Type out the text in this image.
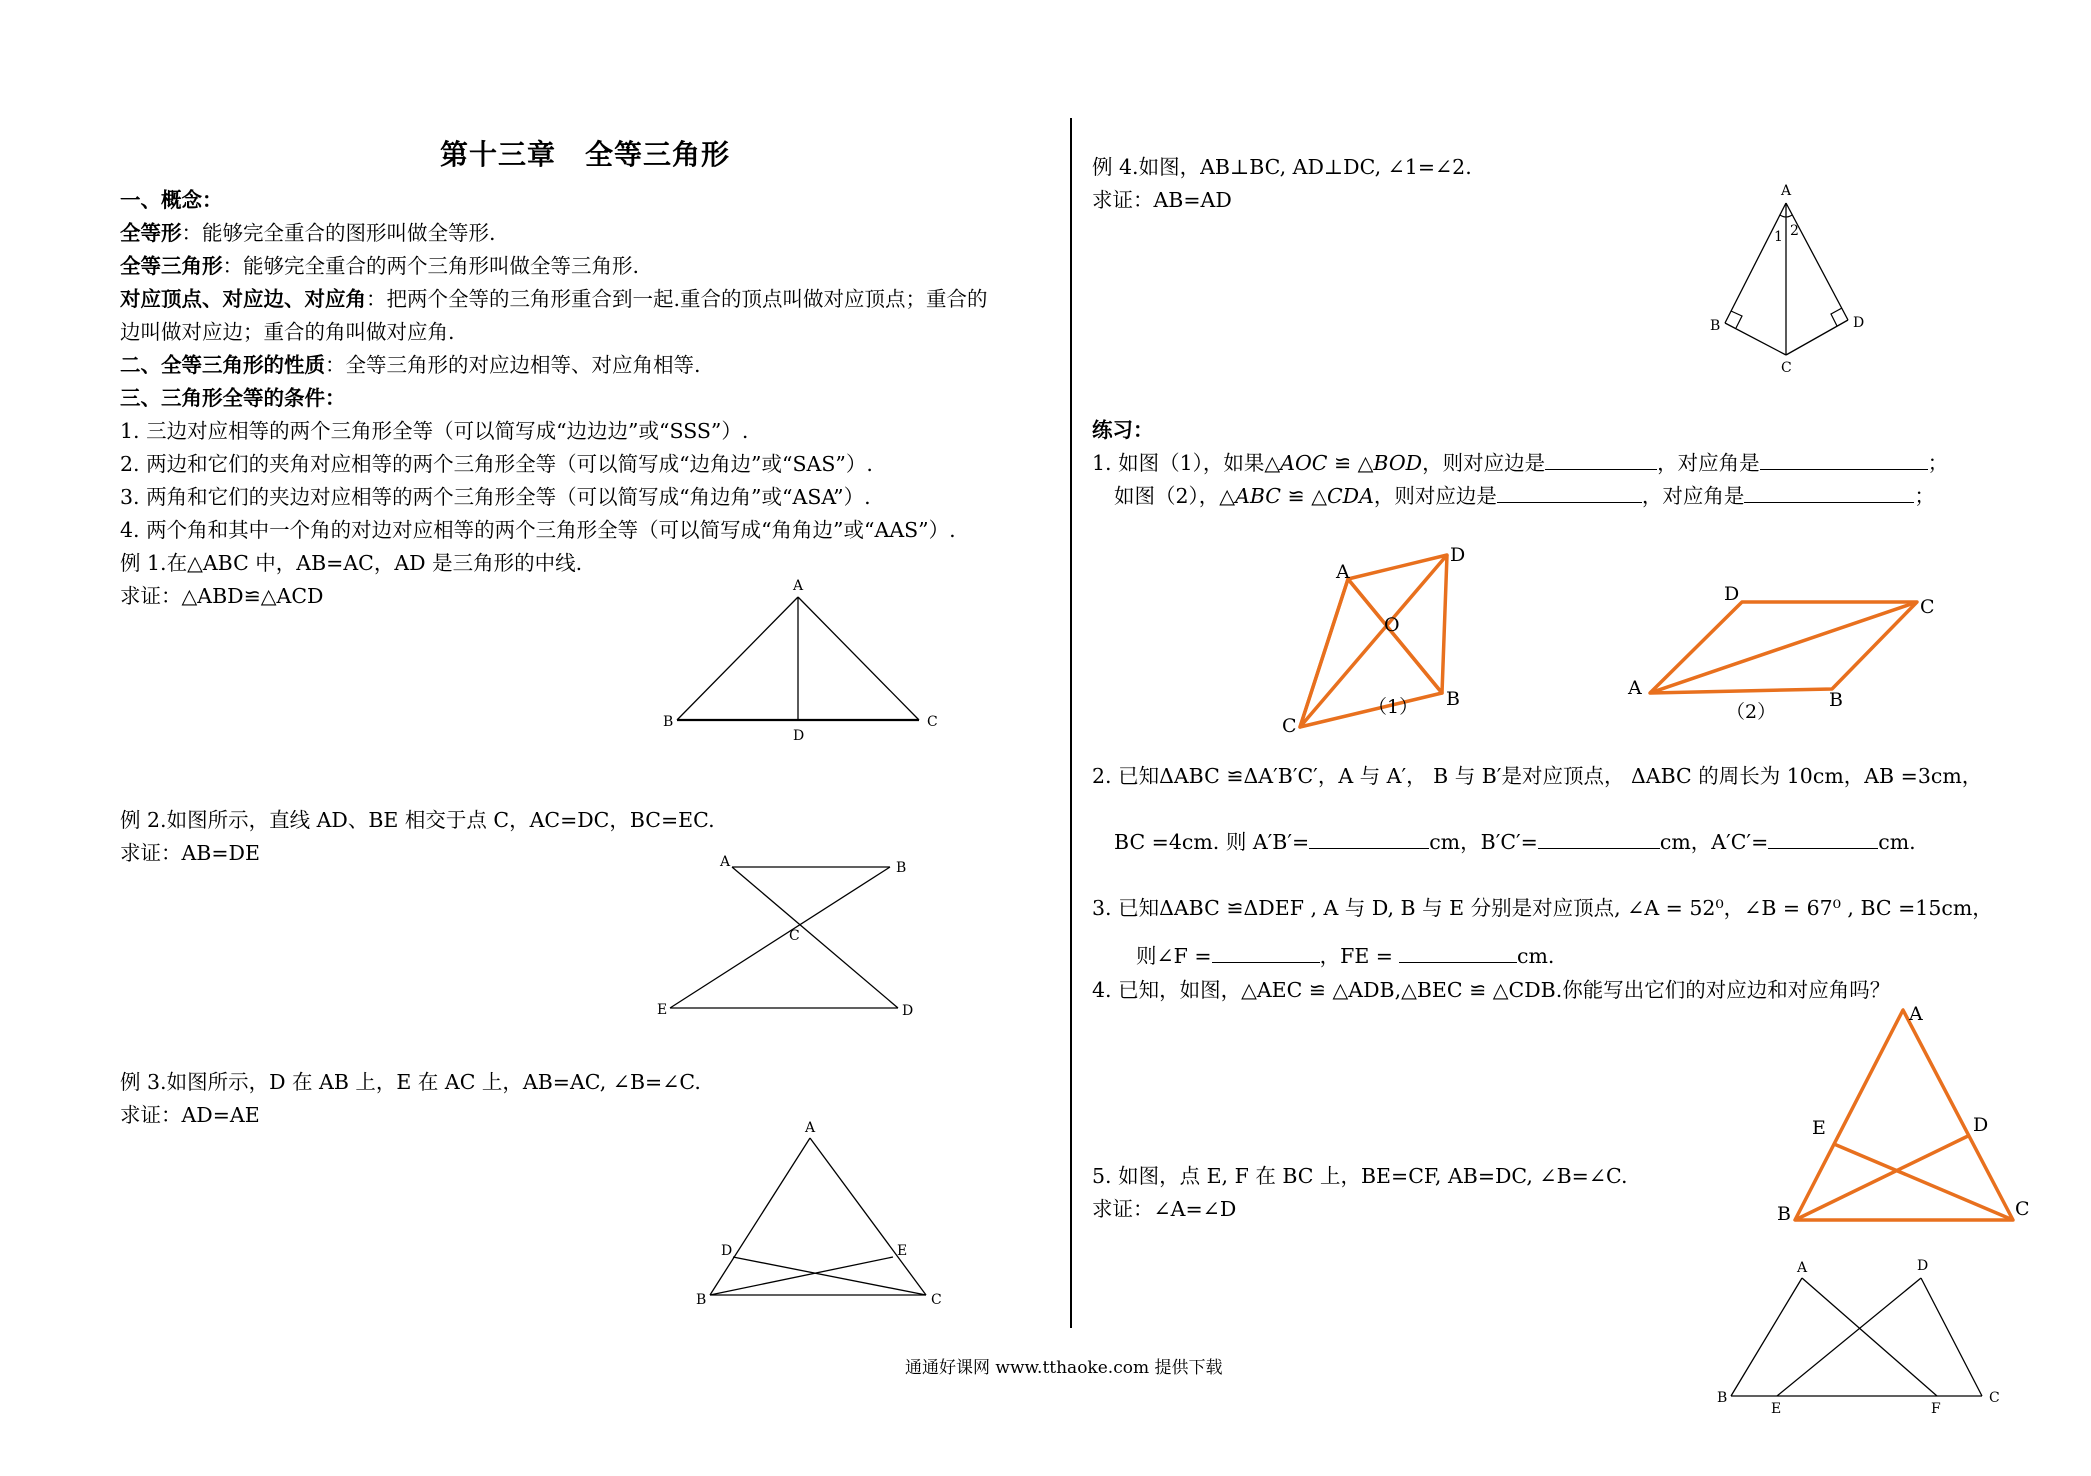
第十三章　全等三角形
一、概念：
全等形：能够完全重合的图形叫做全等形.
全等三角形：能够完全重合的两个三角形叫做全等三角形.
对应顶点、对应边、对应角：把两个全等的三角形重合到一起.重合的顶点叫做对应顶点；重合的
边叫做对应边；重合的角叫做对应角.
二、全等三角形的性质：全等三角形的对应边相等、对应角相等.
三、三角形全等的条件：
1. 三边对应相等的两个三角形全等（可以简写成“边边边”或“SSS”）.
2. 两边和它们的夹角对应相等的两个三角形全等（可以简写成“边角边”或“SAS”）.
3. 两角和它们的夹边对应相等的两个三角形全等（可以简写成“角边角”或“ASA”）.
4. 两个角和其中一个角的对边对应相等的两个三角形全等（可以简写成“角角边”或“AAS”）.
例 1.在△ABC 中，AB=AC，AD 是三角形的中线.
求证：△ABD≌△ACD	A
B	C
D
例 2.如图所示，直线 AD、BE 相交于点 C，AC=DC，BC=EC.
求证：AB=DE	A	B
C
E	D
例 3.如图所示，D 在 AB 上，E 在 AC 上，AB=AC, ∠B=∠C.
求证：AD=AE
A
D	E
B	C
例 4.如图，AB⊥BC, AD⊥DC, ∠1=∠2.
求证：AB=AD	A
1 2
B	D
C
练习：
1. 如图（1），如果△AOC ≌ △BOD，则对应边是	，对应角是	；
如图（2），△ABC ≌ △CDA，则对应边是	，对应角是	；
A
D
O
B
C
（1）
D
C
A
B
（2）
2. 已知ΔABC ≌ΔA′B′C′，A 与 A′， B 与 B′是对应顶点， ΔABC 的周长为 10cm，AB =3cm，
BC =4cm. 则 A′B′=	cm，B′C′=	cm，A′C′=	cm.
3. 已知ΔABC ≌ΔDEF , A 与 D, B 与 E 分别是对应顶点, ∠A = 52⁰，∠B = 67⁰ , BC =15cm，
则∠F =	，FE =	cm.
4. 已知，如图，△AEC ≌ △ADB,△BEC ≌ △CDB.你能写出它们的对应边和对应角吗？
A
E	D
B	C
5. 如图，点 E, F 在 BC 上，BE=CF, AB=DC, ∠B=∠C.
求证：∠A=∠D
A	D
B
E	F
C
通通好课网 www.tthaoke.com 提供下载
